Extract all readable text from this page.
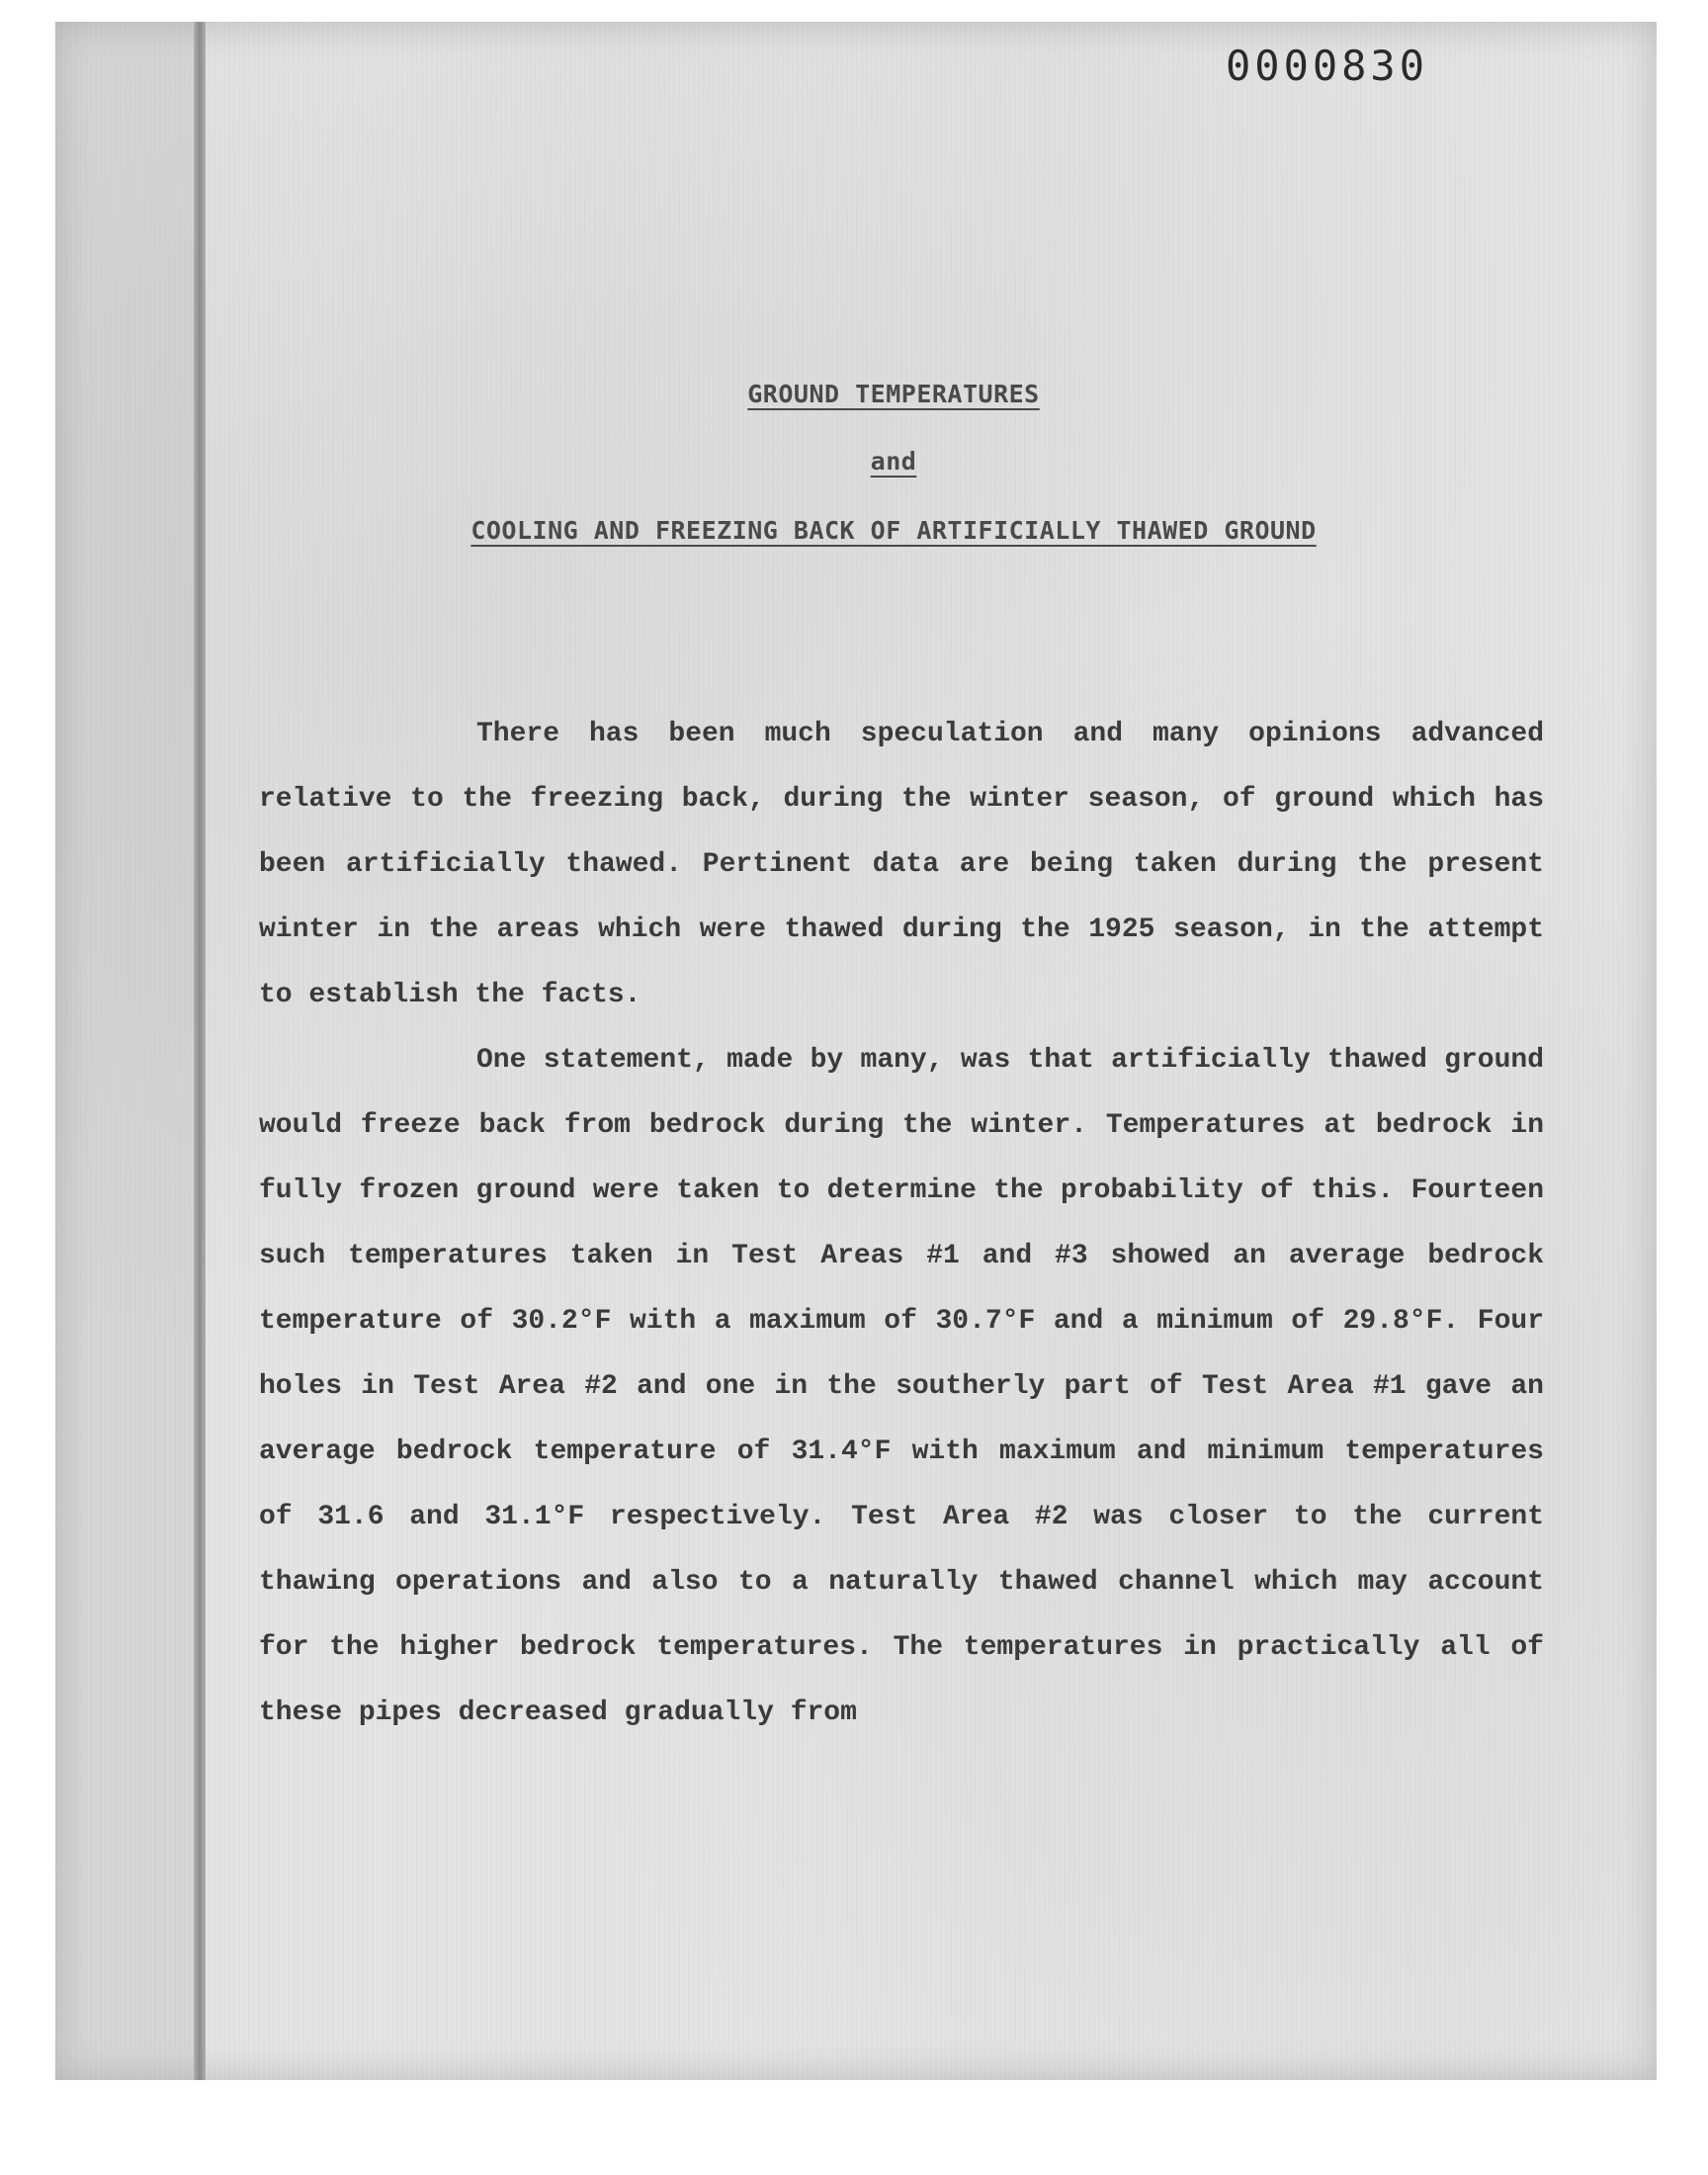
0000830
GROUND TEMPERATURES
and
COOLING AND FREEZING BACK OF ARTIFICIALLY THAWED GROUND

There has been much speculation and many opinions advanced relative to the freezing back, during the winter season, of ground which has been artificially thawed. Pertinent data are being taken during the present winter in the areas which were thawed during the 1925 season, in the attempt to establish the facts.

One statement, made by many, was that artificially thawed ground would freeze back from bedrock during the winter. Temperatures at bedrock in fully frozen ground were taken to determine the probability of this. Fourteen such temperatures taken in Test Areas #1 and #3 showed an average bedrock temperature of 30.2°F with a maximum of 30.7°F and a minimum of 29.8°F. Four holes in Test Area #2 and one in the southerly part of Test Area #1 gave an average bedrock temperature of 31.4°F with maximum and minimum temperatures of 31.6 and 31.1°F respectively. Test Area #2 was closer to the current thawing operations and also to a naturally thawed channel which may account for the higher bedrock temperatures. The temperatures in practically all of these pipes decreased gradually from
